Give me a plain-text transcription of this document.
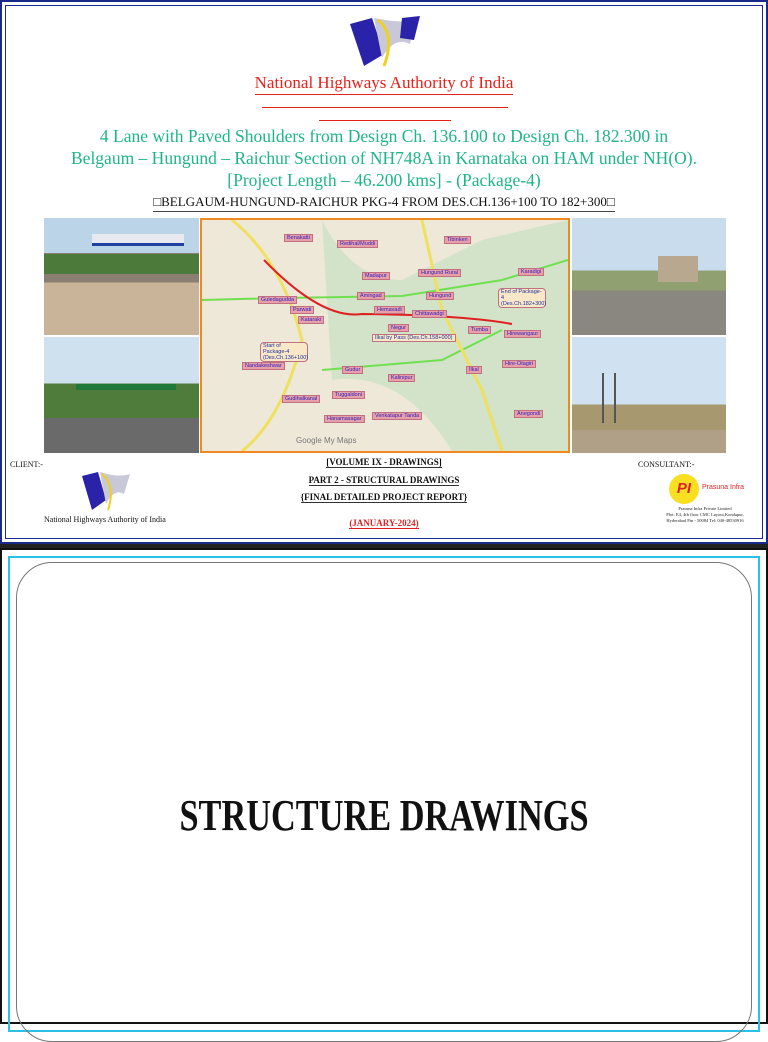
National Highways Authority of India
4 Lane with Paved Shoulders from Design Ch. 136.100 to Design Ch. 182.300 in
Belgaum – Hungund – Raichur Section of NH748A in Karnataka on HAM under NH(O).
[Project Length – 46.200 kms] - (Package-4)
□BELGAUM-HUNGUND-RAICHUR PKG-4 FROM DES.CH.136+100 TO 182+300□
Benakatti
Redihal/Muddi
Tibinkeri
Karadigi
Hungund Rural
Madapur
Amingad	Hungund
Guledagudda
Parwati
Kataraki
Hemavadi
Chittawadgi
Negur	Tumba
Hirewangaur
Nandakeshwar
Gudur
Kalinipur
Hire-Otagiri
Gudihalkanal
Tuggaldoni
Hanamasagar	Venkatapur Tanda
Ilkal
Anegondi
Start of Package-4 (Des.Ch.136+100)
End of Package-4 (Des.Ch.182+300)
Ilkal by Pass (Des.Ch.158+000)
Google My Maps
CLIENT:-
National Highways Authority of India
[VOLUME IX - DRAWINGS]
PART 2 - STRUCTURAL DRAWINGS
{FINAL DETAILED PROJECT REPORT}
(JANUARY-2024)
CONSULTANT:-
PI	Prasuna Infra
Prasuna Infra Private Limited
Plot: E4, 4th floor CMC Layout,Kondapur,
Hyderabad Pin - 50084 Tel: 040-48530916
STRUCTURE DRAWINGS
